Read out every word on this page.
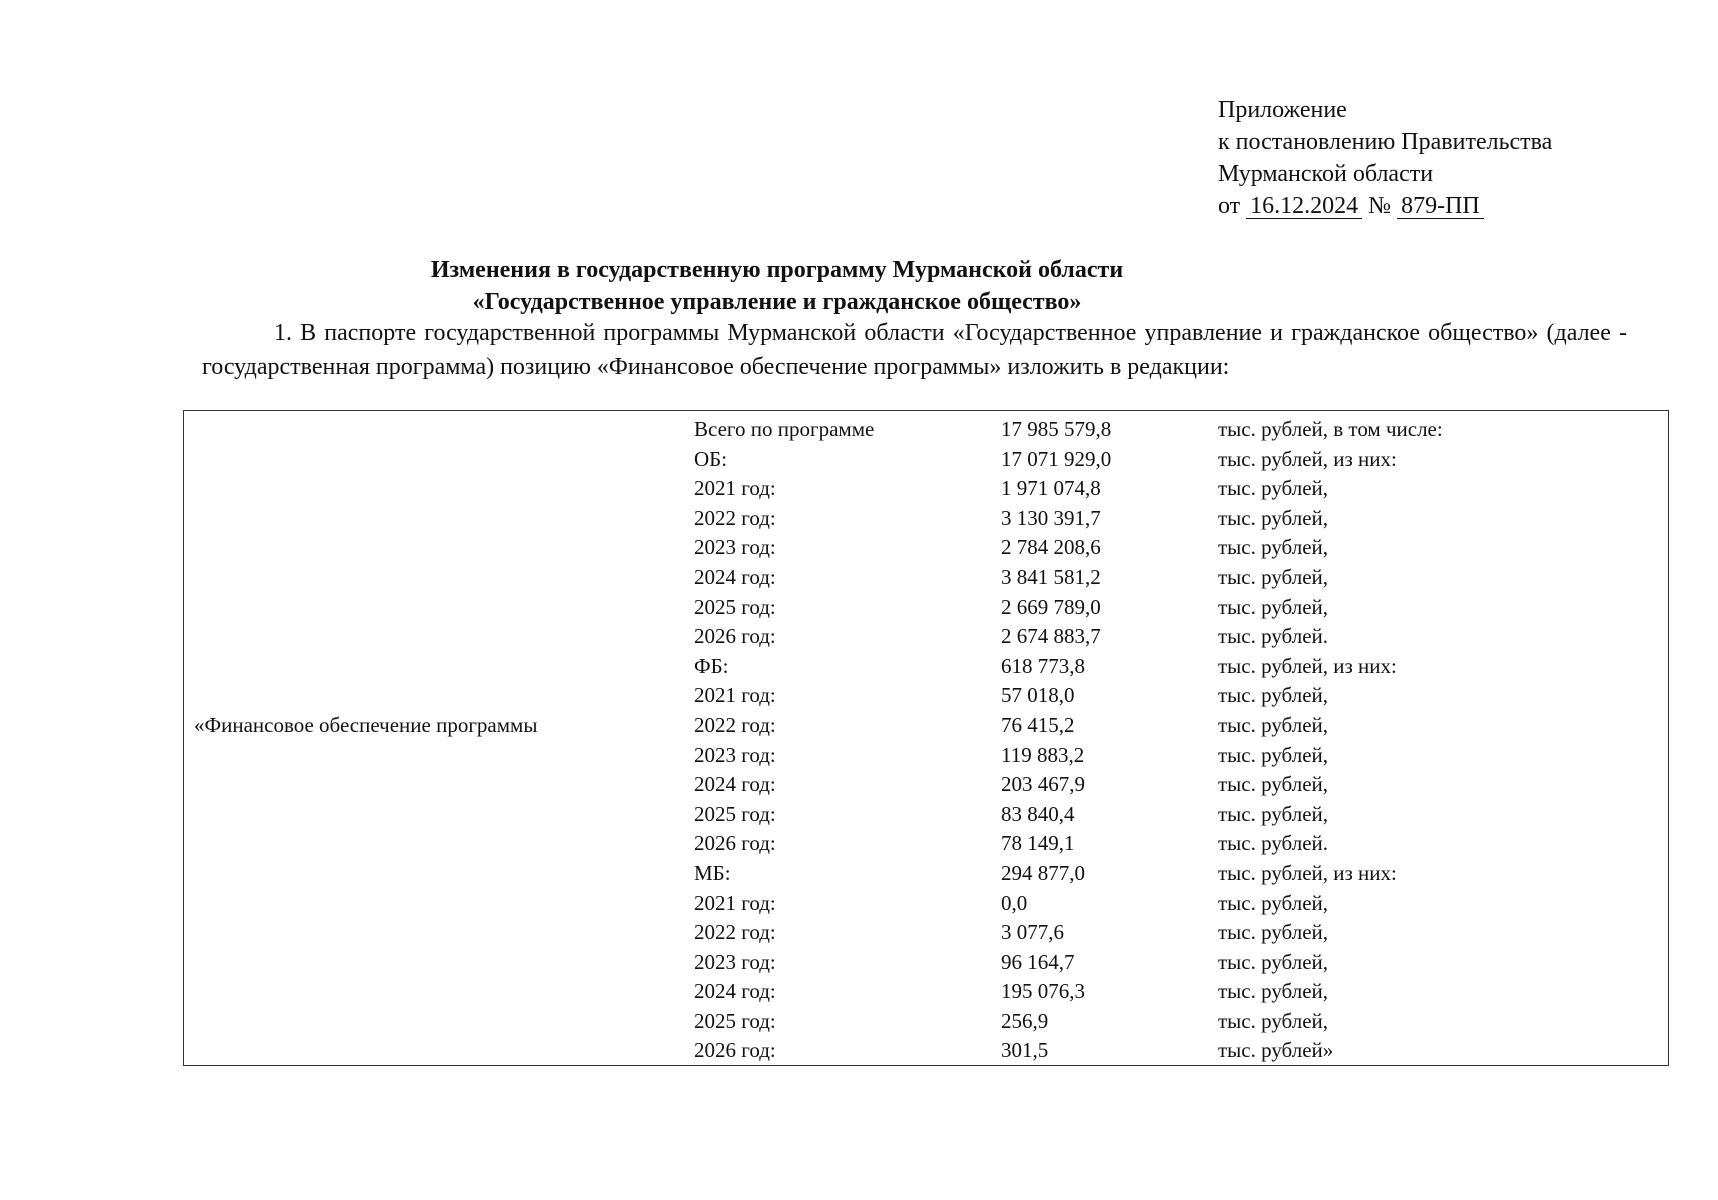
Приложение
к постановлению Правительства
Мурманской области
от 16.12.2024 № 879-ПП
Изменения в государственную программу Мурманской области
«Государственное управление и гражданское общество»
1. В паспорте государственной программы Мурманской области «Государственное управление и гражданское общество» (далее - государственная программа) позицию «Финансовое обеспечение программы» изложить в редакции:
«Финансовое обеспечение программы
Всего по программе	17 985 579,8	тыс. рублей, в том числе:
ОБ:	17 071 929,0	тыс. рублей, из них:
2021 год:	1 971 074,8	тыс. рублей,
2022 год:	3 130 391,7	тыс. рублей,
2023 год:	2 784 208,6	тыс. рублей,
2024 год:	3 841 581,2	тыс. рублей,
2025 год:	2 669 789,0	тыс. рублей,
2026 год:	2 674 883,7	тыс. рублей.
ФБ:	618 773,8	тыс. рублей, из них:
2021 год:	57 018,0	тыс. рублей,
2022 год:	76 415,2	тыс. рублей,
2023 год:	119 883,2	тыс. рублей,
2024 год:	203 467,9	тыс. рублей,
2025 год:	83 840,4	тыс. рублей,
2026 год:	78 149,1	тыс. рублей.
МБ:	294 877,0	тыс. рублей, из них:
2021 год:	0,0	тыс. рублей,
2022 год:	3 077,6	тыс. рублей,
2023 год:	96 164,7	тыс. рублей,
2024 год:	195 076,3	тыс. рублей,
2025 год:	256,9	тыс. рублей,
2026 год:	301,5	тыс. рублей»
